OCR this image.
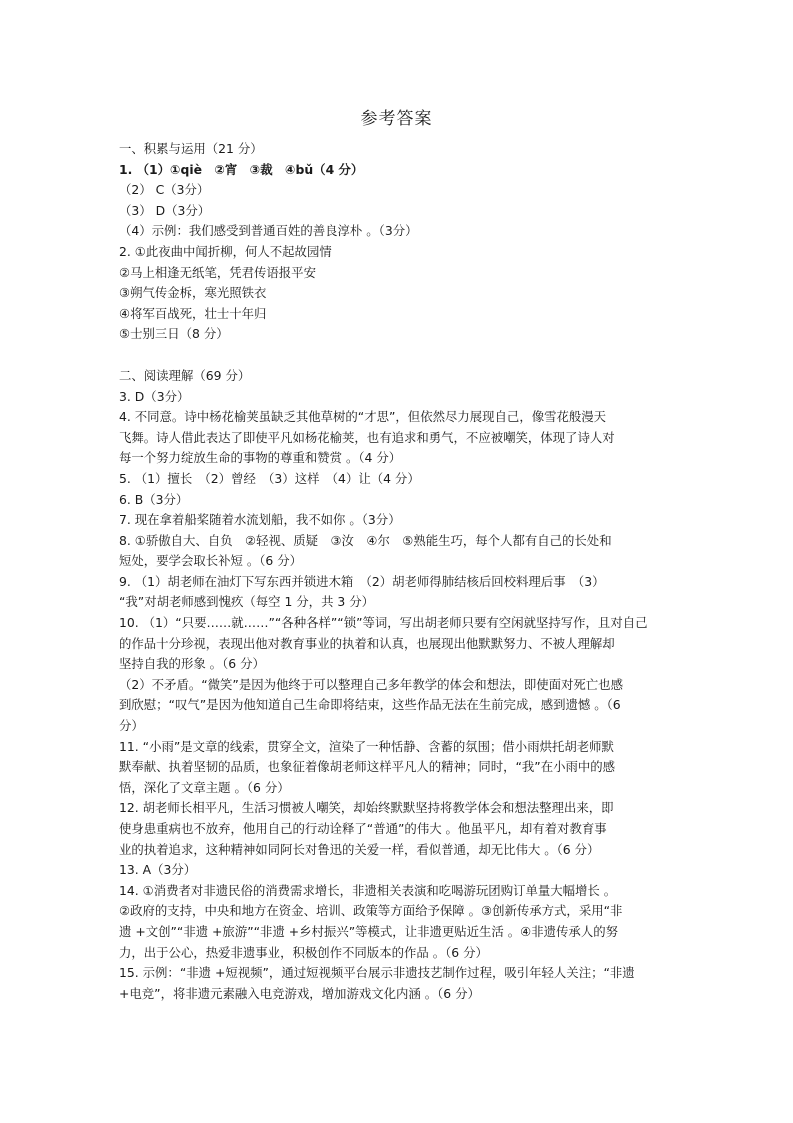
参考答案
一、积累与运用（21 分）
1. （1）①qiè　②宵　③裁　④bǔ（4 分）
（2） C（3分）
（3） D（3分）
（4）示例：我们感受到普通百姓的善良淳朴 。（3分）
2. ①此夜曲中闻折柳，何人不起故园情
②马上相逢无纸笔，凭君传语报平安
③朔气传金柝，寒光照铁衣
④将军百战死，壮士十年归
⑤士别三日（8 分）
二、阅读理解（69 分）
3. D（3分）
4. 不同意。诗中杨花榆荚虽缺乏其他草树的“才思”，但依然尽力展现自己，像雪花般漫天
飞舞。诗人借此表达了即使平凡如杨花榆荚，也有追求和勇气，不应被嘲笑，体现了诗人对
每一个努力绽放生命的事物的尊重和赞赏 。（4 分）
5. （1）擅长　（2）曾经　（3）这样　（4）让（4 分）
6. B（3分）
7. 现在拿着船桨随着水流划船，我不如你 。（3分）
8. ①骄傲自大、自负　②轻视、质疑　③汝　④尔　⑤熟能生巧，每个人都有自己的长处和
短处，要学会取长补短 。（6 分）
9. （1）胡老师在油灯下写东西并锁进木箱　（2）胡老师得肺结核后回校料理后事　（3）
“我”对胡老师感到愧疚（每空 1 分，共 3 分）
10. （1）“只要……就……”“各种各样”“锁”等词，写出胡老师只要有空闲就坚持写作，且对自己
的作品十分珍视，表现出他对教育事业的执着和认真，也展现出他默默努力、不被人理解却
坚持自我的形象 。（6 分）
（2）不矛盾。“微笑”是因为他终于可以整理自己多年教学的体会和想法，即使面对死亡也感
到欣慰；“叹气”是因为他知道自己生命即将结束，这些作品无法在生前完成，感到遗憾 。（6
分）
11. “小雨”是文章的线索，贯穿全文，渲染了一种恬静、含蓄的氛围；借小雨烘托胡老师默
默奉献、执着坚韧的品质，也象征着像胡老师这样平凡人的精神；同时，“我”在小雨中的感
悟，深化了文章主题 。（6 分）
12. 胡老师长相平凡，生活习惯被人嘲笑，却始终默默坚持将教学体会和想法整理出来，即
使身患重病也不放弃，他用自己的行动诠释了“普通”的伟大 。他虽平凡，却有着对教育事
业的执着追求，这种精神如同阿长对鲁迅的关爱一样，看似普通，却无比伟大 。（6 分）
13. A（3分）
14. ①消费者对非遗民俗的消费需求增长，非遗相关表演和吃喝游玩团购订单量大幅增长 。
②政府的支持，中央和地方在资金、培训、政策等方面给予保障 。③创新传承方式，采用“非
遗 +文创”“非遗 +旅游”“非遗 +乡村振兴”等模式，让非遗更贴近生活 。④非遗传承人的努
力，出于公心，热爱非遗事业，积极创作不同版本的作品 。（6 分）
15. 示例：“非遗 +短视频”，通过短视频平台展示非遗技艺制作过程，吸引年轻人关注；“非遗
+电竞”，将非遗元素融入电竞游戏，增加游戏文化内涵 。（6 分）
